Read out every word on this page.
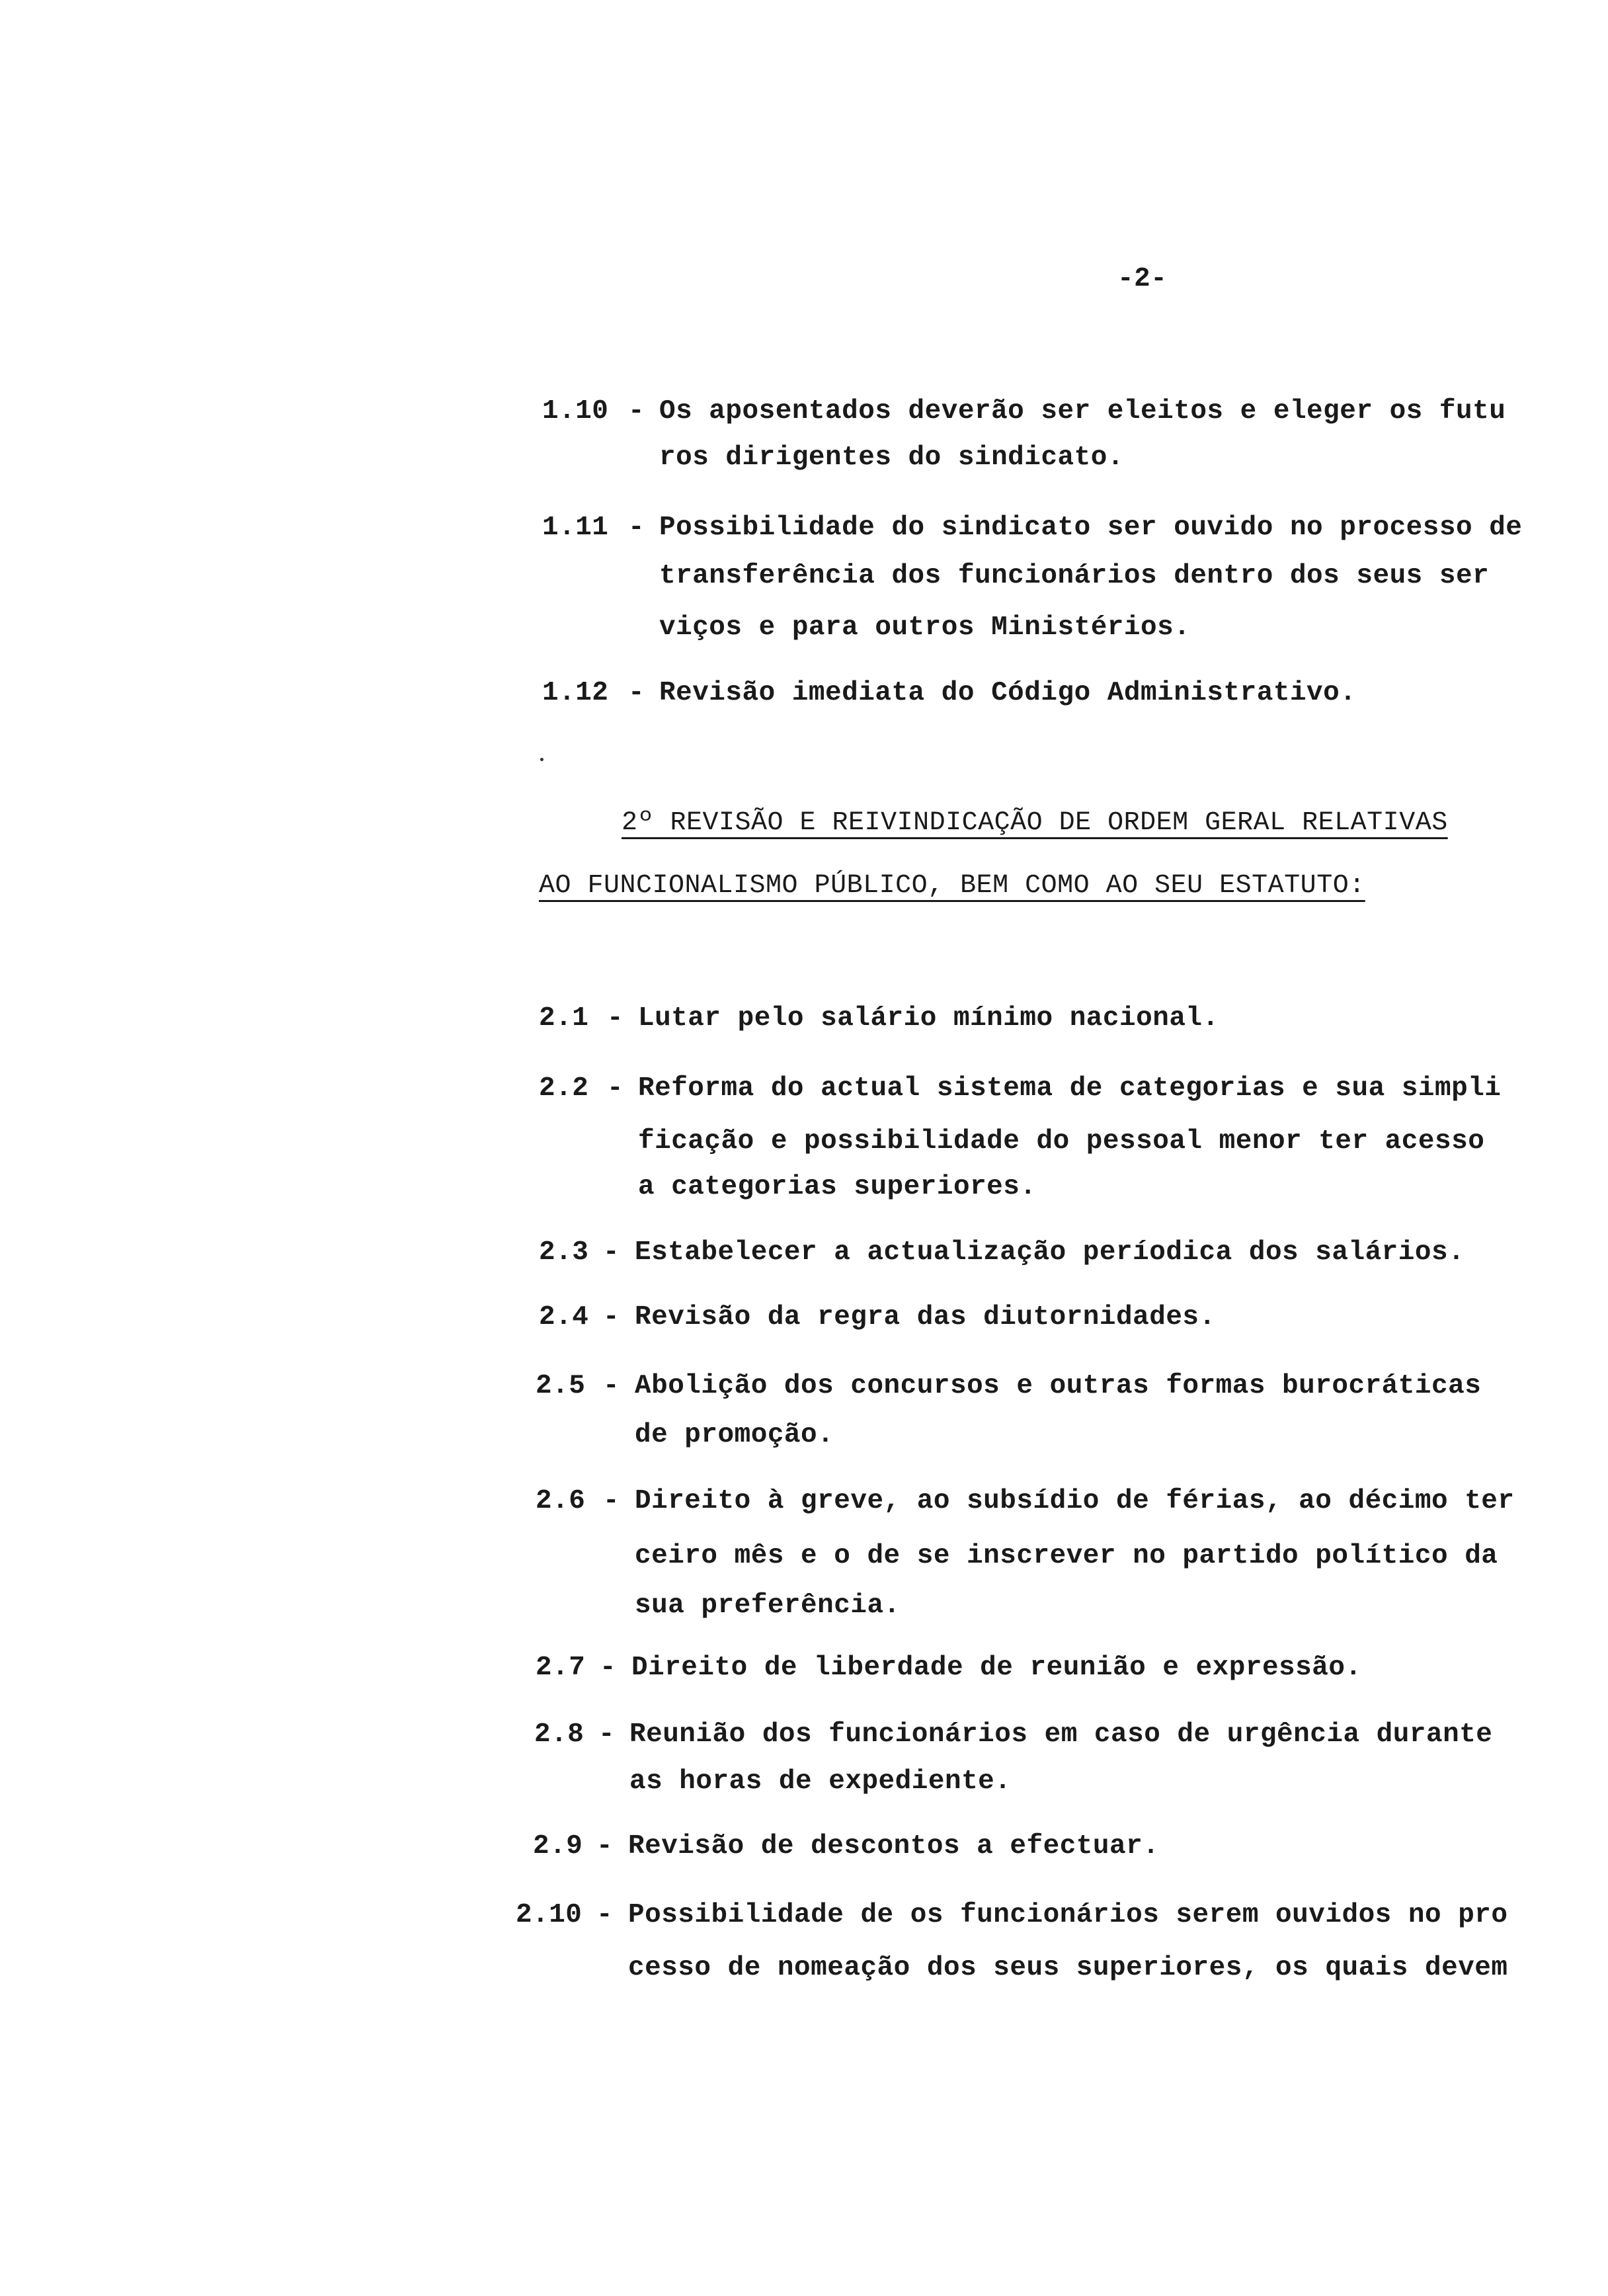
-2-
1.10 - Os aposentados deverão ser eleitos e eleger os futu
ros dirigentes do sindicato.
1.11 - Possibilidade do sindicato ser ouvido no processo de
transferência dos funcionários dentro dos seus ser
viços e para outros Ministérios.
1.12 - Revisão imediata do Código Administrativo.
2º REVISÃO E REIVINDICAÇÃO DE ORDEM GERAL RELATIVAS
AO FUNCIONALISMO PÚBLICO, BEM COMO AO SEU ESTATUTO:
2.1 - Lutar pelo salário mínimo nacional.
2.2 - Reforma do actual sistema de categorias e sua simpli
ficação e possibilidade do pessoal menor ter acesso
a categorias superiores.
2.3 - Estabelecer a actualização períodica dos salários.
2.4 - Revisão da regra das diutornidades.
2.5 - Abolição dos concursos e outras formas burocráticas
de promoção.
2.6 - Direito à greve, ao subsídio de férias, ao décimo ter
ceiro mês e o de se inscrever no partido político da
sua preferência.
2.7 - Direito de liberdade de reunião e expressão.
2.8 - Reunião dos funcionários em caso de urgência durante
as horas de expediente.
2.9 - Revisão de descontos a efectuar.
2.10 - Possibilidade de os funcionários serem ouvidos no pro
cesso de nomeação dos seus superiores, os quais devem
